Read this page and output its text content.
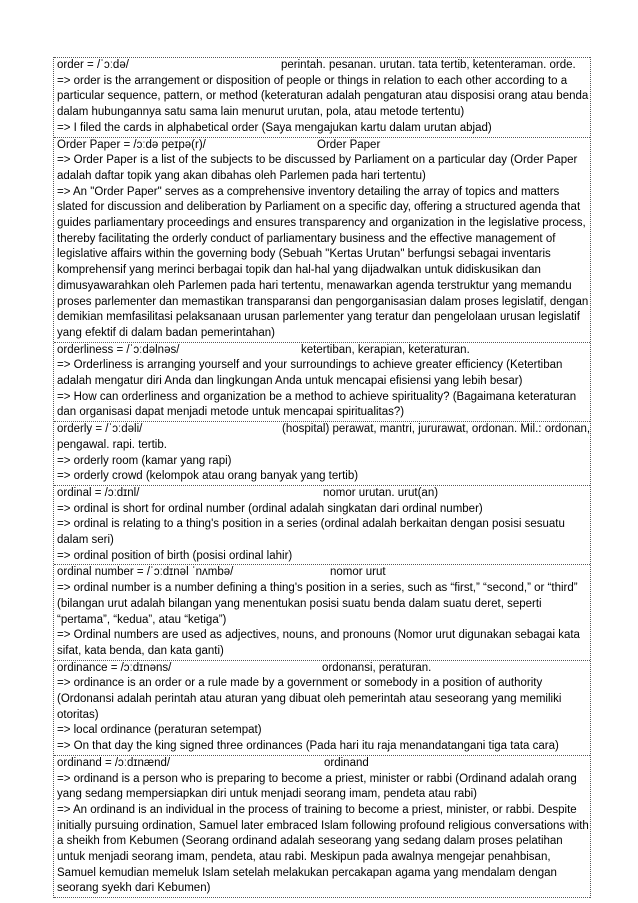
order = /ˈɔːdə/	perintah. pesanan. urutan. tata tertib, ketenteraman. orde.
=> order is the arrangement or disposition of people or things in relation to each other according to a particular sequence, pattern, or method (keteraturan adalah pengaturan atau disposisi orang atau benda dalam hubungannya satu sama lain menurut urutan, pola, atau metode tertentu)
=> I filed the cards in alphabetical order (Saya mengajukan kartu dalam urutan abjad)
Order Paper = /ɔːdə peɪpə(r)/	Order Paper
=> Order Paper is a list of the subjects to be discussed by Parliament on a particular day (Order Paper adalah daftar topik yang akan dibahas oleh Parlemen pada hari tertentu)
=> An "Order Paper" serves as a comprehensive inventory detailing the array of topics and matters slated for discussion and deliberation by Parliament on a specific day, offering a structured agenda that guides parliamentary proceedings and ensures transparency and organization in the legislative process, thereby facilitating the orderly conduct of parliamentary business and the effective management of legislative affairs within the governing body (Sebuah "Kertas Urutan" berfungsi sebagai inventaris komprehensif yang merinci berbagai topik dan hal-hal yang dijadwalkan untuk didiskusikan dan dimusyawarahkan oleh Parlemen pada hari tertentu, menawarkan agenda terstruktur yang memandu proses parlementer dan memastikan transparansi dan pengorganisasian dalam proses legislatif, dengan demikian memfasilitasi pelaksanaan urusan parlementer yang teratur dan pengelolaan urusan legislatif yang efektif di dalam badan pemerintahan)
orderliness = /ˈɔːdəlnəs/	ketertiban, kerapian, keteraturan.
=> Orderliness is arranging yourself and your surroundings to achieve greater efficiency (Ketertiban adalah mengatur diri Anda dan lingkungan Anda untuk mencapai efisiensi yang lebih besar)
=> How can orderliness and organization be a method to achieve spirituality? (Bagaimana keteraturan dan organisasi dapat menjadi metode untuk mencapai spiritualitas?)
orderly = /ˈɔːdəli/	(hospital) perawat, mantri, jururawat, ordonan. Mil.: ordonan,
pengawal. rapi. tertib.
=> orderly room (kamar yang rapi)
=> orderly crowd (kelompok atau orang banyak yang tertib)
ordinal = /ɔːdɪnl/	nomor urutan. urut(an)
=> ordinal is short for ordinal number (ordinal adalah singkatan dari ordinal number)
=> ordinal is relating to a thing's position in a series (ordinal adalah berkaitan dengan posisi sesuatu dalam seri)
=> ordinal position of birth (posisi ordinal lahir)
ordinal number = /ˈɔːdɪnəl ˈnʌmbə/	nomor urut
=> ordinal number is a number defining a thing's position in a series, such as “first,” “second,” or “third” (bilangan urut adalah bilangan yang menentukan posisi suatu benda dalam suatu deret, seperti “pertama”, “kedua”, atau “ketiga”)
=> Ordinal numbers are used as adjectives, nouns, and pronouns (Nomor urut digunakan sebagai kata sifat, kata benda, dan kata ganti)
ordinance = /ɔːdɪnəns/	ordonansi, peraturan.
=> ordinance is an order or a rule made by a government or somebody in a position of authority (Ordonansi adalah perintah atau aturan yang dibuat oleh pemerintah atau seseorang yang memiliki otoritas)
=> local ordinance (peraturan setempat)
=> On that day the king signed three ordinances (Pada hari itu raja menandatangani tiga tata cara)
ordinand = /ɔːdɪnænd/	ordinand
=> ordinand is a person who is preparing to become a priest, minister or rabbi (Ordinand adalah orang yang sedang mempersiapkan diri untuk menjadi seorang imam, pendeta atau rabi)
=> An ordinand is an individual in the process of training to become a priest, minister, or rabbi. Despite initially pursuing ordination, Samuel later embraced Islam following profound religious conversations with a sheikh from Kebumen (Seorang ordinand adalah seseorang yang sedang dalam proses pelatihan untuk menjadi seorang imam, pendeta, atau rabi. Meskipun pada awalnya mengejar penahbisan, Samuel kemudian memeluk Islam setelah melakukan percakapan agama yang mendalam dengan seorang syekh dari Kebumen)
